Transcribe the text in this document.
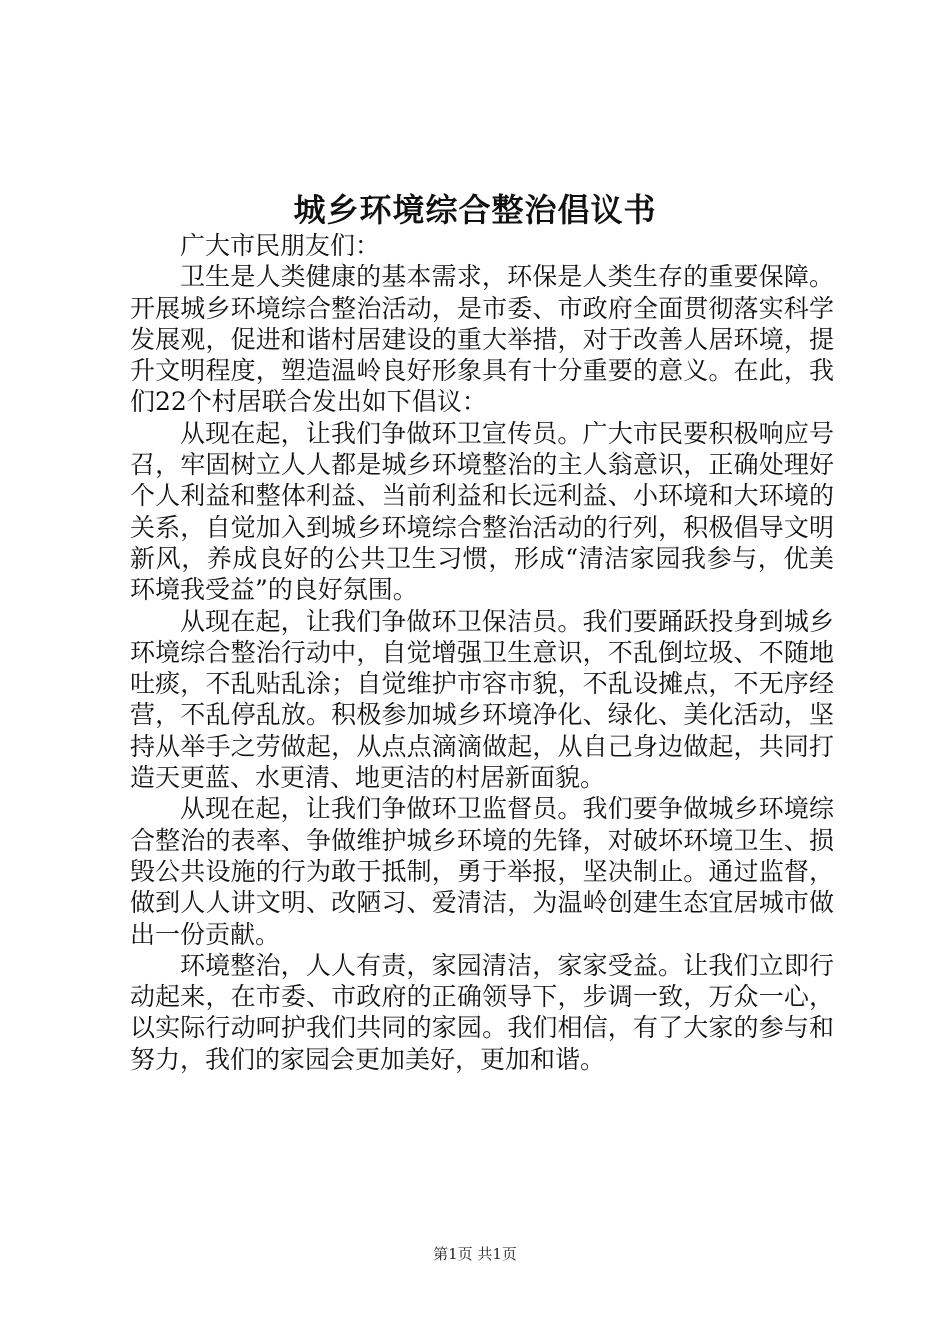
城乡环境综合整治倡议书
广大市民朋友们：

卫生是人类健康的基本需求，环保是人类生存的重要保障。开展城乡环境综合整治活动，是市委、市政府全面贯彻落实科学发展观，促进和谐村居建设的重大举措，对于改善人居环境，提升文明程度，塑造温岭良好形象具有十分重要的意义。在此，我们22个村居联合发出如下倡议：

从现在起，让我们争做环卫宣传员。广大市民要积极响应号召，牢固树立人人都是城乡环境整治的主人翁意识，正确处理好个人利益和整体利益、当前利益和长远利益、小环境和大环境的关系，自觉加入到城乡环境综合整治活动的行列，积极倡导文明新风，养成良好的公共卫生习惯，形成“清洁家园我参与，优美环境我受益”的良好氛围。

从现在起，让我们争做环卫保洁员。我们要踊跃投身到城乡环境综合整治行动中，自觉增强卫生意识，不乱倒垃圾、不随地吐痰，不乱贴乱涂；自觉维护市容市貌，不乱设摊点，不无序经营，不乱停乱放。积极参加城乡环境净化、绿化、美化活动，坚持从举手之劳做起，从点点滴滴做起，从自己身边做起，共同打造天更蓝、水更清、地更洁的村居新面貌。

从现在起，让我们争做环卫监督员。我们要争做城乡环境综合整治的表率、争做维护城乡环境的先锋，对破坏环境卫生、损毁公共设施的行为敢于抵制，勇于举报，坚决制止。通过监督，做到人人讲文明、改陋习、爱清洁，为温岭创建生态宜居城市做出一份贡献。

环境整治，人人有责，家园清洁，家家受益。让我们立即行动起来，在市委、市政府的正确领导下，步调一致，万众一心，以实际行动呵护我们共同的家园。我们相信，有了大家的参与和努力，我们的家园会更加美好，更加和谐。

第1页 共1页
